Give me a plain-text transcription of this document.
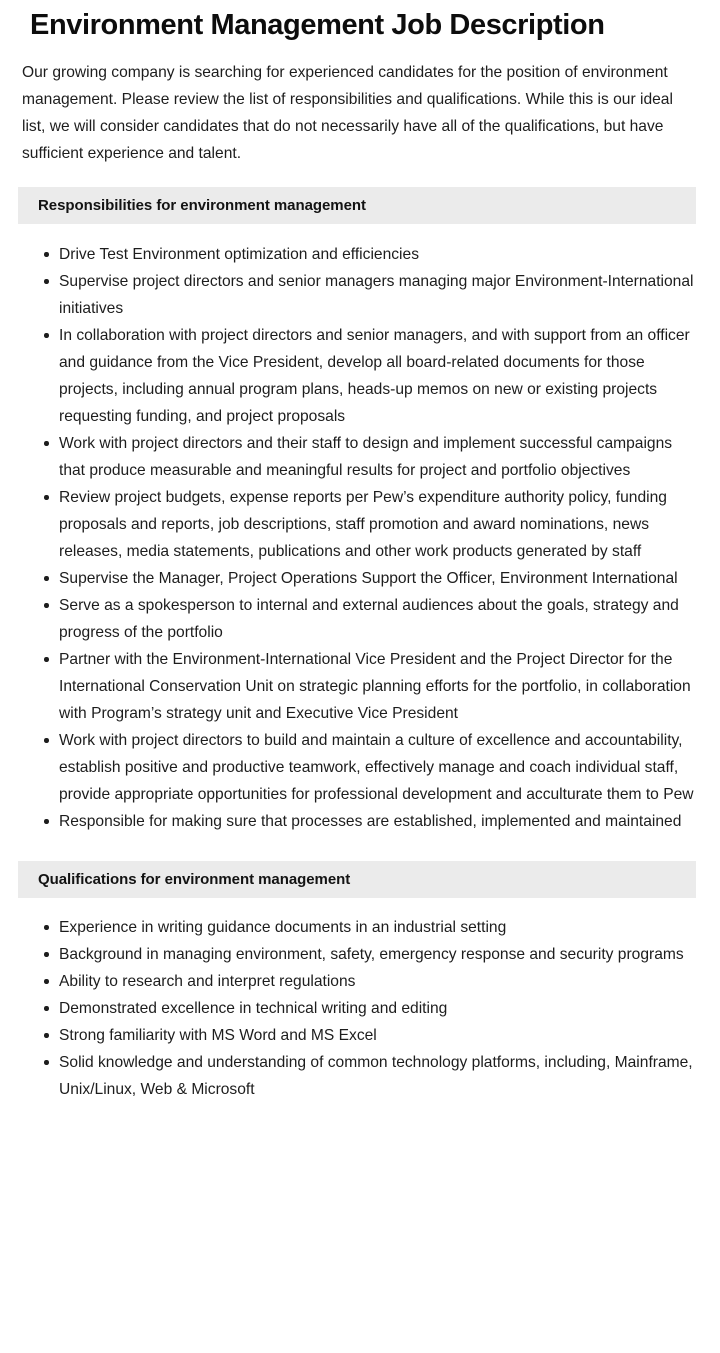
Environment Management Job Description

Our growing company is searching for experienced candidates for the position of environment management. Please review the list of responsibilities and qualifications. While this is our ideal list, we will consider candidates that do not necessarily have all of the qualifications, but have sufficient experience and talent.

Responsibilities for environment management
Drive Test Environment optimization and efficiencies
Supervise project directors and senior managers managing major Environment-International initiatives
In collaboration with project directors and senior managers, and with support from an officer and guidance from the Vice President, develop all board-related documents for those projects, including annual program plans, heads-up memos on new or existing projects requesting funding, and project proposals
Work with project directors and their staff to design and implement successful campaigns that produce measurable and meaningful results for project and portfolio objectives
Review project budgets, expense reports per Pew’s expenditure authority policy, funding proposals and reports, job descriptions, staff promotion and award nominations, news releases, media statements, publications and other work products generated by staff
Supervise the Manager, Project Operations Support the Officer, Environment International
Serve as a spokesperson to internal and external audiences about the goals, strategy and progress of the portfolio
Partner with the Environment-International Vice President and the Project Director for the International Conservation Unit on strategic planning efforts for the portfolio, in collaboration with Program’s strategy unit and Executive Vice President
Work with project directors to build and maintain a culture of excellence and accountability, establish positive and productive teamwork, effectively manage and coach individual staff, provide appropriate opportunities for professional development and acculturate them to Pew
Responsible for making sure that processes are established, implemented and maintained
Qualifications for environment management
Experience in writing guidance documents in an industrial setting
Background in managing environment, safety, emergency response and security programs
Ability to research and interpret regulations
Demonstrated excellence in technical writing and editing
Strong familiarity with MS Word and MS Excel
Solid knowledge and understanding of common technology platforms, including, Mainframe, Unix/Linux, Web & Microsoft
